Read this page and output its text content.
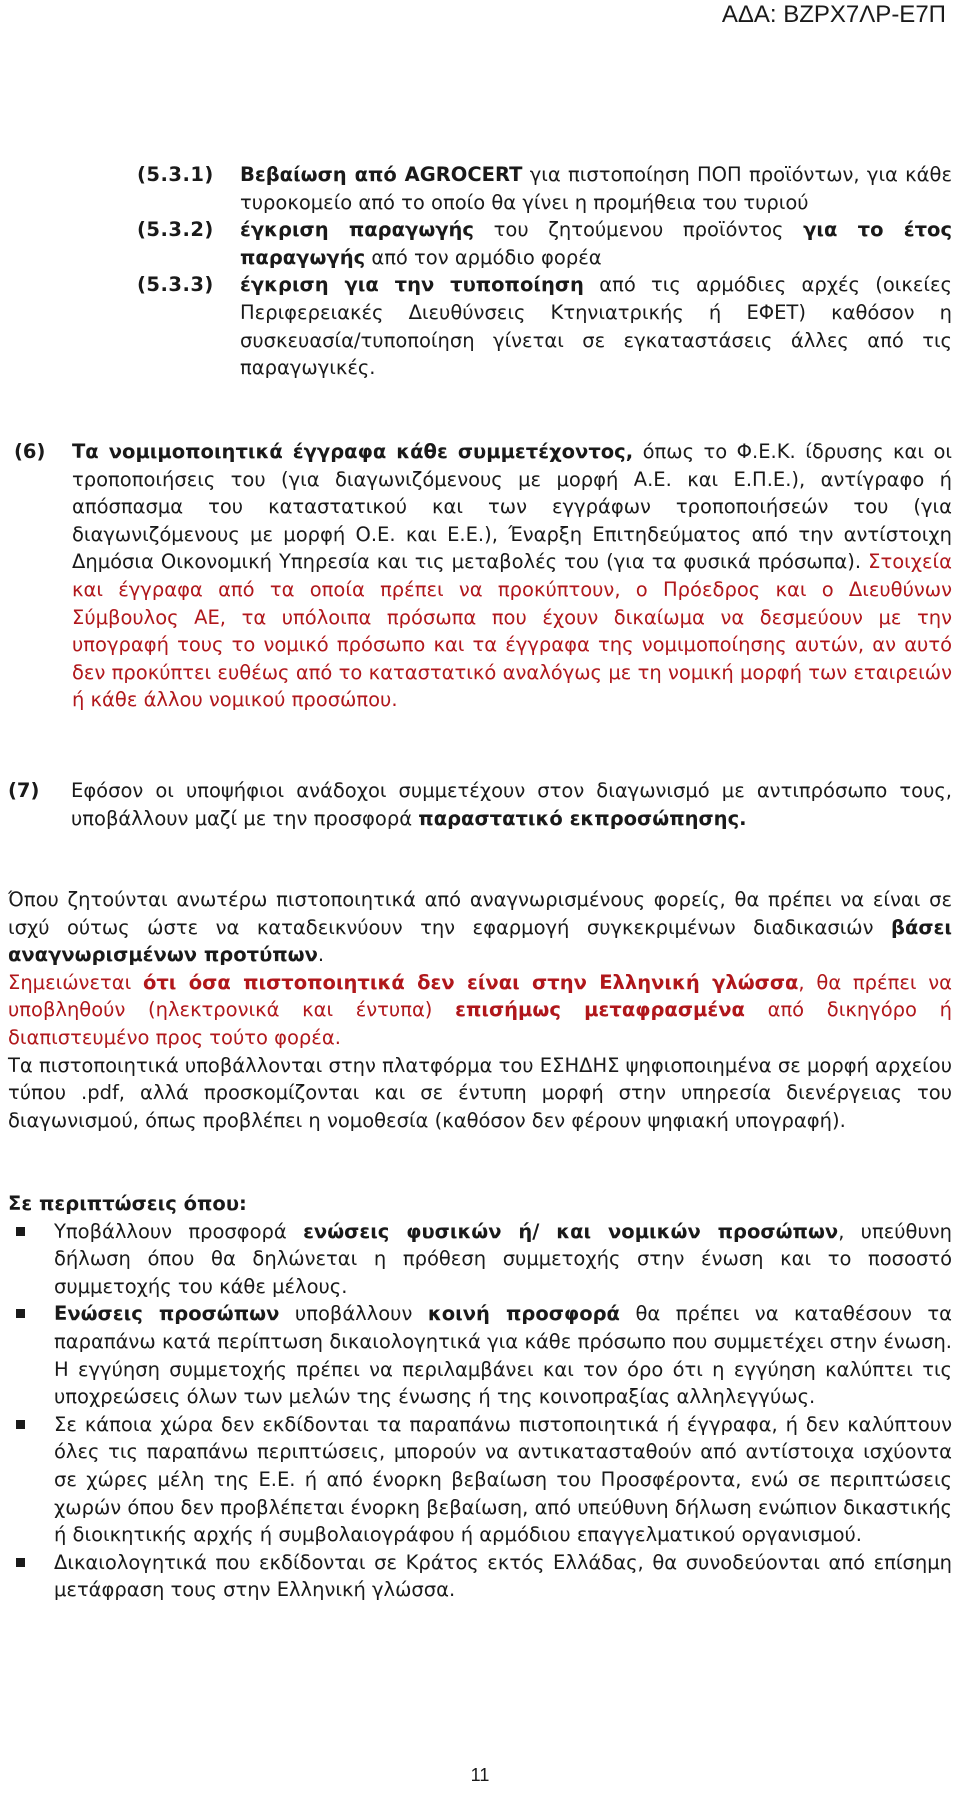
ΑΔΑ: ΒΖΡΧ7ΛΡ-Ε7Π
(5.3.1)	Βεβαίωση από AGROCERT για πιστοποίηση ΠΟΠ προϊόντων, για κάθε τυροκομείο από το οποίο θα γίνει η προμήθεια του τυριού
(5.3.2)	έγκριση παραγωγής του ζητούμενου προϊόντος για το έτος παραγωγής από τον αρμόδιο φορέα
(5.3.3)	έγκριση για την τυποποίηση από τις αρμόδιες αρχές (οικείες Περιφερειακές Διευθύνσεις Κτηνιατρικής ή ΕΦΕΤ) καθόσον η συσκευασία/τυποποίηση γίνεται σε εγκαταστάσεις άλλες από τις παραγωγικές.
(6)	Τα νομιμοποιητικά έγγραφα κάθε συμμετέχοντος, όπως το Φ.Ε.Κ. ίδρυσης και οι τροποποιήσεις του (για διαγωνιζόμενους με μορφή Α.Ε. και Ε.Π.Ε.), αντίγραφο ή απόσπασμα του καταστατικού και των εγγράφων τροποποιήσεών του (για διαγωνιζόμενους με μορφή Ο.Ε. και Ε.Ε.), Έναρξη Επιτηδεύματος από την αντίστοιχη Δημόσια Οικονομική Υπηρεσία και τις μεταβολές του (για τα φυσικά πρόσωπα). Στοιχεία και έγγραφα από τα οποία πρέπει να προκύπτουν, ο Πρόεδρος και ο Διευθύνων Σύμβουλος ΑΕ, τα υπόλοιπα πρόσωπα που έχουν δικαίωμα να δεσμεύουν με την υπογραφή τους το νομικό πρόσωπο και τα έγγραφα της νομιμοποίησης αυτών, αν αυτό δεν προκύπτει ευθέως από το καταστατικό αναλόγως με τη νομική μορφή των εταιρειών ή κάθε άλλου νομικού προσώπου.
(7)	Εφόσον οι υποψήφιοι ανάδοχοι συμμετέχουν στον διαγωνισμό με αντιπρόσωπο τους, υποβάλλουν μαζί με την προσφορά παραστατικό εκπροσώπησης.

Όπου ζητούνται ανωτέρω πιστοποιητικά από αναγνωρισμένους φορείς, θα πρέπει να είναι σε ισχύ ούτως ώστε να καταδεικνύουν την εφαρμογή συγκεκριμένων διαδικασιών βάσει αναγνωρισμένων προτύπων.

Σημειώνεται ότι όσα πιστοποιητικά δεν είναι στην Ελληνική γλώσσα, θα πρέπει να υποβληθούν (ηλεκτρονικά και έντυπα) επισήμως μεταφρασμένα από δικηγόρο ή διαπιστευμένο προς τούτο φορέα.

Τα πιστοποιητικά υποβάλλονται στην πλατφόρμα του ΕΣΗΔΗΣ ψηφιοποιημένα σε μορφή αρχείου τύπου .pdf, αλλά προσκομίζονται και σε έντυπη μορφή στην υπηρεσία διενέργειας του διαγωνισμού, όπως προβλέπει η νομοθεσία (καθόσον δεν φέρουν ψηφιακή υπογραφή).

Σε περιπτώσεις όπου:

Υποβάλλουν προσφορά ενώσεις φυσικών ή/ και νομικών προσώπων, υπεύθυνη δήλωση όπου θα δηλώνεται η πρόθεση συμμετοχής στην ένωση και το ποσοστό συμμετοχής του κάθε μέλους.
Ενώσεις προσώπων υποβάλλουν κοινή προσφορά θα πρέπει να καταθέσουν τα παραπάνω κατά περίπτωση δικαιολογητικά για κάθε πρόσωπο που συμμετέχει στην ένωση. Η εγγύηση συμμετοχής πρέπει να περιλαμβάνει και τον όρο ότι η εγγύηση καλύπτει τις υποχρεώσεις όλων των μελών της ένωσης ή της κοινοπραξίας αλληλεγγύως.
Σε κάποια χώρα δεν εκδίδονται τα παραπάνω πιστοποιητικά ή έγγραφα, ή δεν καλύπτουν όλες τις παραπάνω περιπτώσεις, μπορούν να αντικατασταθούν από αντίστοιχα ισχύοντα σε χώρες μέλη της Ε.Ε. ή από ένορκη βεβαίωση του Προσφέροντα, ενώ σε περιπτώσεις χωρών όπου δεν προβλέπεται ένορκη βεβαίωση, από υπεύθυνη δήλωση ενώπιον δικαστικής ή διοικητικής αρχής ή συμβολαιογράφου ή αρμόδιου επαγγελματικού οργανισμού.
Δικαιολογητικά που εκδίδονται σε Κράτος εκτός Ελλάδας, θα συνοδεύονται από επίσημη μετάφραση τους στην Ελληνική γλώσσα.
11
